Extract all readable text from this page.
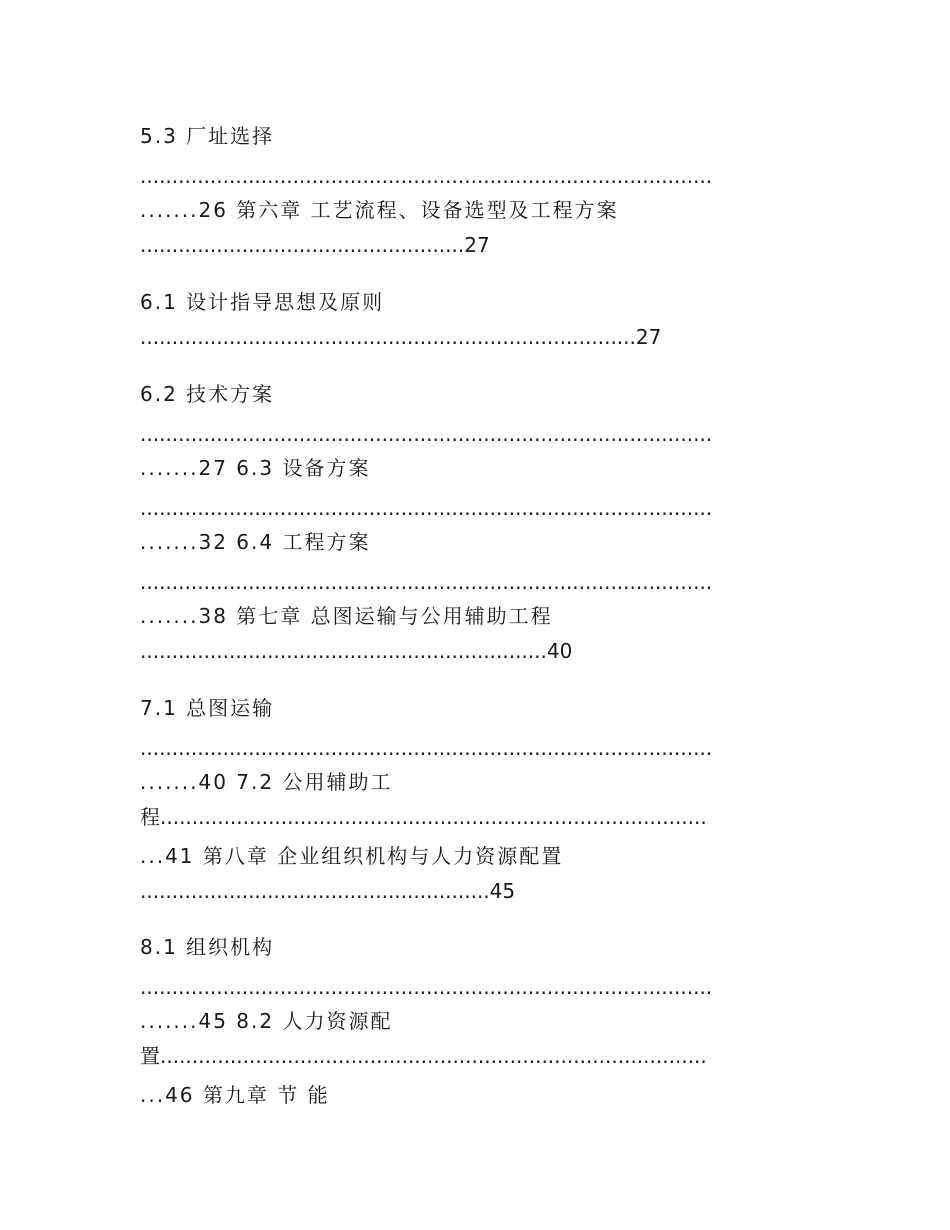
5.3 厂址选择
..........................................................................................
.......26 第六章 工艺流程、设备选型及工程方案
...................................................27
6.1 设计指导思想及原则
..............................................................................27
6.2 技术方案
..........................................................................................
.......27 6.3 设备方案
..........................................................................................
.......32 6.4 工程方案
..........................................................................................
.......38 第七章 总图运输与公用辅助工程
................................................................40
7.1 总图运输
..........................................................................................
.......40 7.2 公用辅助工
程......................................................................................
...41 第八章 企业组织机构与人力资源配置
.......................................................45
8.1 组织机构
..........................................................................................
.......45 8.2 人力资源配
置......................................................................................
...46 第九章 节 能
